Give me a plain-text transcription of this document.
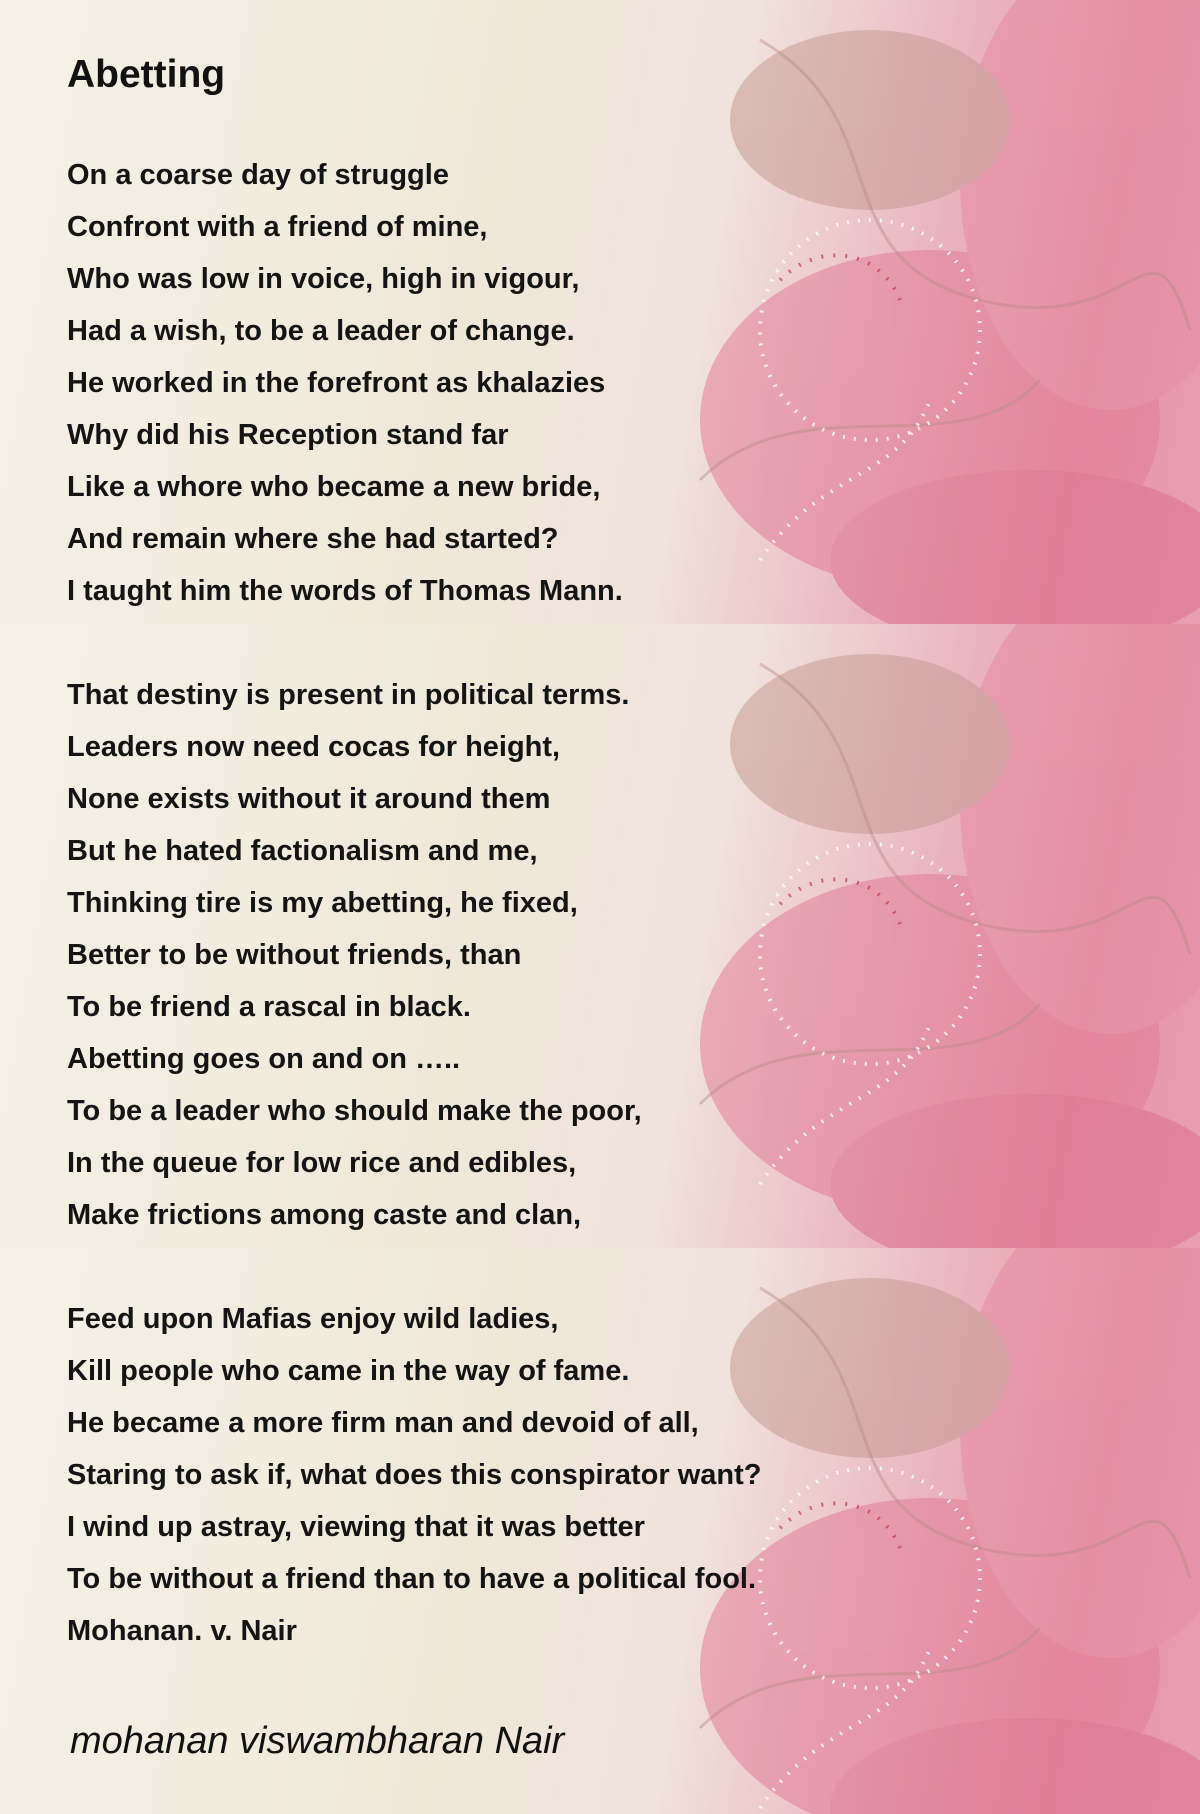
Abetting

On a coarse day of struggle

Confront with a friend of mine,

Who was low in voice, high in vigour,

Had a wish, to be a leader of change.

He worked in the forefront as khalazies

Why did his Reception stand far

Like a whore who became a new bride,

And remain where she had started?

I taught him the words of Thomas Mann.

That destiny is present in political terms.

Leaders now need cocas for height,

None exists without it around them

But he hated factionalism and me,

Thinking tire is my abetting, he fixed,

Better to be without friends, than

To be friend a rascal in black.

Abetting goes on and on …..

To be a leader who should make the poor,

In the queue for low rice and edibles,

Make frictions among caste and clan,

Feed upon Mafias enjoy wild ladies,

Kill people who came in the way of fame.

He became a more firm man and devoid of all,

Staring to ask if, what does this conspirator want?

I wind up astray, viewing that it was better

To be without a friend than to have a political fool.

Mohanan. v. Nair

mohanan viswambharan Nair
